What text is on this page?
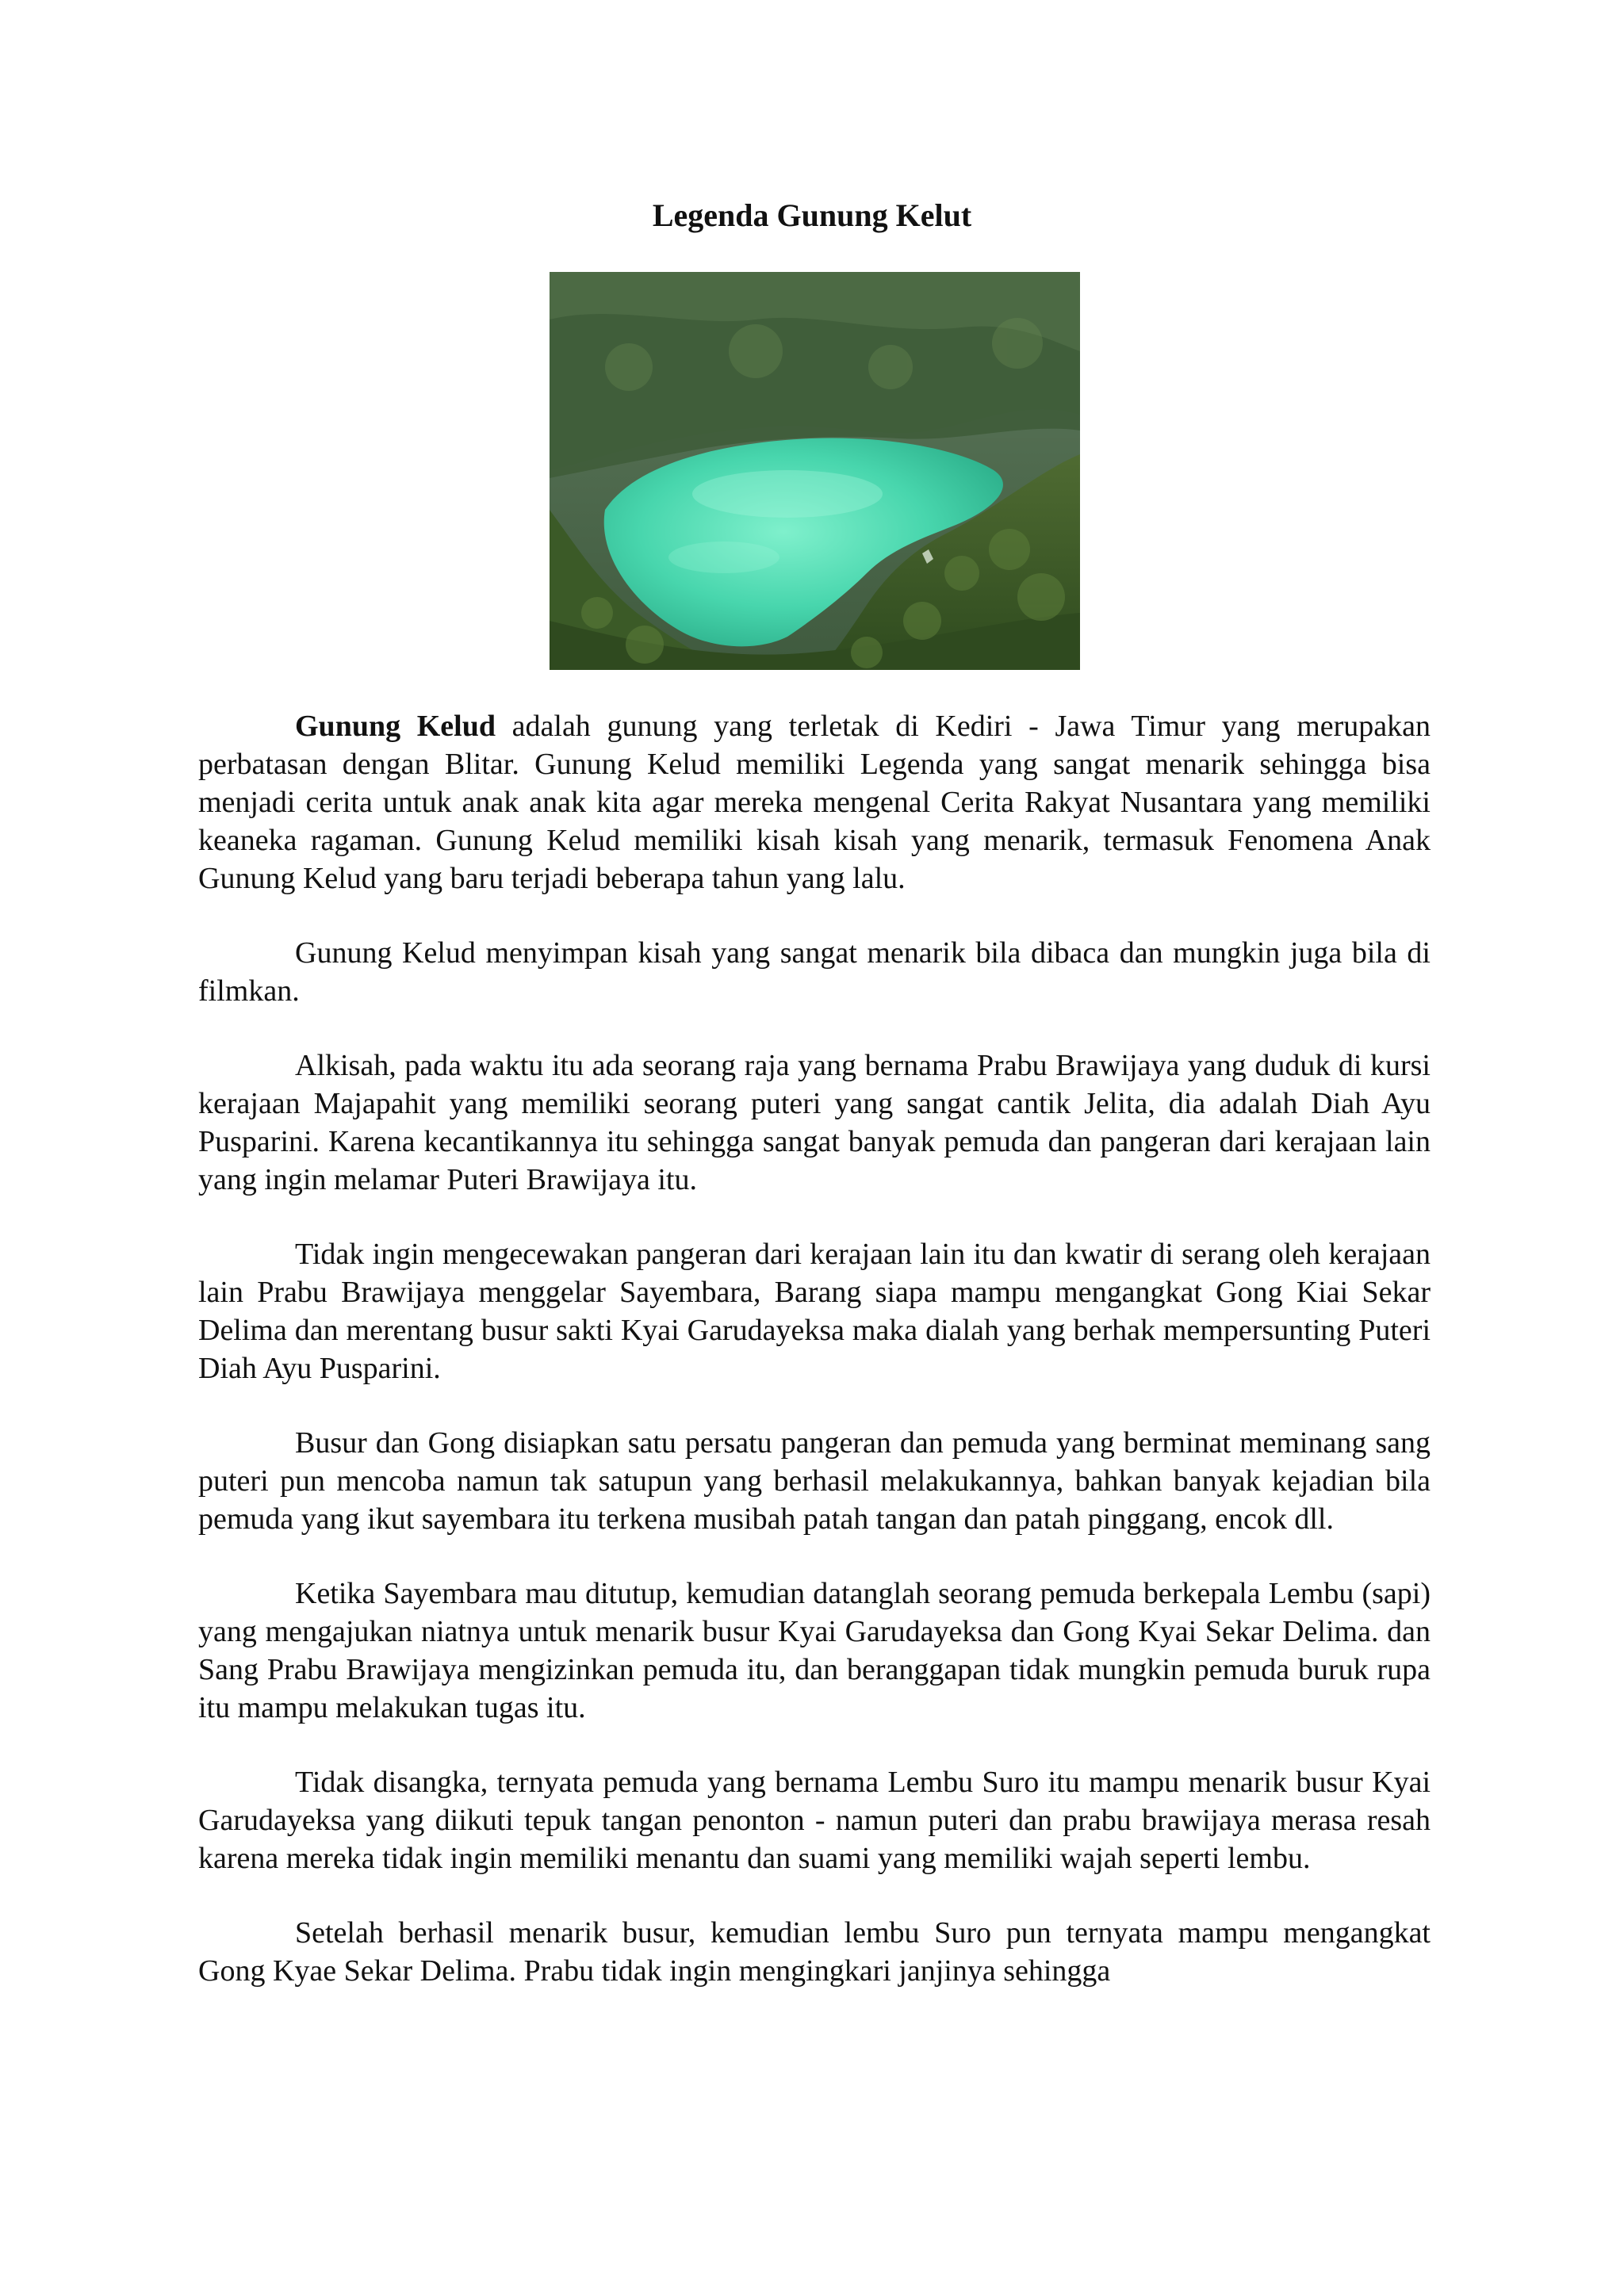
Legenda Gunung Kelut

Gunung Kelud adalah gunung yang terletak di Kediri - Jawa Timur yang merupakan perbatasan dengan Blitar. Gunung Kelud memiliki Legenda yang sangat menarik sehingga bisa menjadi cerita untuk anak anak kita agar mereka mengenal Cerita Rakyat Nusantara yang memiliki keaneka ragaman. Gunung Kelud memiliki kisah kisah yang menarik, termasuk Fenomena Anak Gunung Kelud yang baru terjadi beberapa tahun yang lalu.

Gunung Kelud menyimpan kisah yang sangat menarik bila dibaca dan mungkin juga bila di filmkan.

Alkisah, pada waktu itu ada seorang raja yang bernama Prabu Brawijaya yang duduk di kursi kerajaan Majapahit yang memiliki seorang puteri yang sangat cantik Jelita, dia adalah Diah Ayu Pusparini. Karena kecantikannya itu sehingga sangat banyak pemuda dan pangeran dari kerajaan lain yang ingin melamar Puteri Brawijaya itu.

Tidak ingin mengecewakan pangeran dari kerajaan lain itu dan kwatir di serang oleh kerajaan lain Prabu Brawijaya menggelar Sayembara, Barang siapa mampu mengangkat Gong Kiai Sekar Delima dan merentang busur sakti Kyai Garudayeksa maka dialah yang berhak mempersunting Puteri Diah Ayu Pusparini.

Busur dan Gong disiapkan satu persatu pangeran dan pemuda yang berminat meminang sang puteri pun mencoba namun tak satupun yang berhasil melakukannya, bahkan banyak kejadian bila pemuda yang ikut sayembara itu terkena musibah patah tangan dan patah pinggang, encok dll.

Ketika Sayembara mau ditutup, kemudian datanglah seorang pemuda berkepala Lembu (sapi) yang mengajukan niatnya untuk menarik busur Kyai Garudayeksa dan Gong Kyai Sekar Delima. dan Sang Prabu Brawijaya mengizinkan pemuda itu, dan beranggapan tidak mungkin pemuda buruk rupa itu mampu melakukan tugas itu.

Tidak disangka, ternyata pemuda yang bernama Lembu Suro itu mampu menarik busur Kyai Garudayeksa yang diikuti tepuk tangan penonton - namun puteri dan prabu brawijaya merasa resah karena mereka tidak ingin memiliki menantu dan suami yang memiliki wajah seperti lembu.

Setelah berhasil menarik busur, kemudian lembu Suro pun ternyata mampu mengangkat Gong Kyae Sekar Delima. Prabu tidak ingin mengingkari janjinya sehingga
